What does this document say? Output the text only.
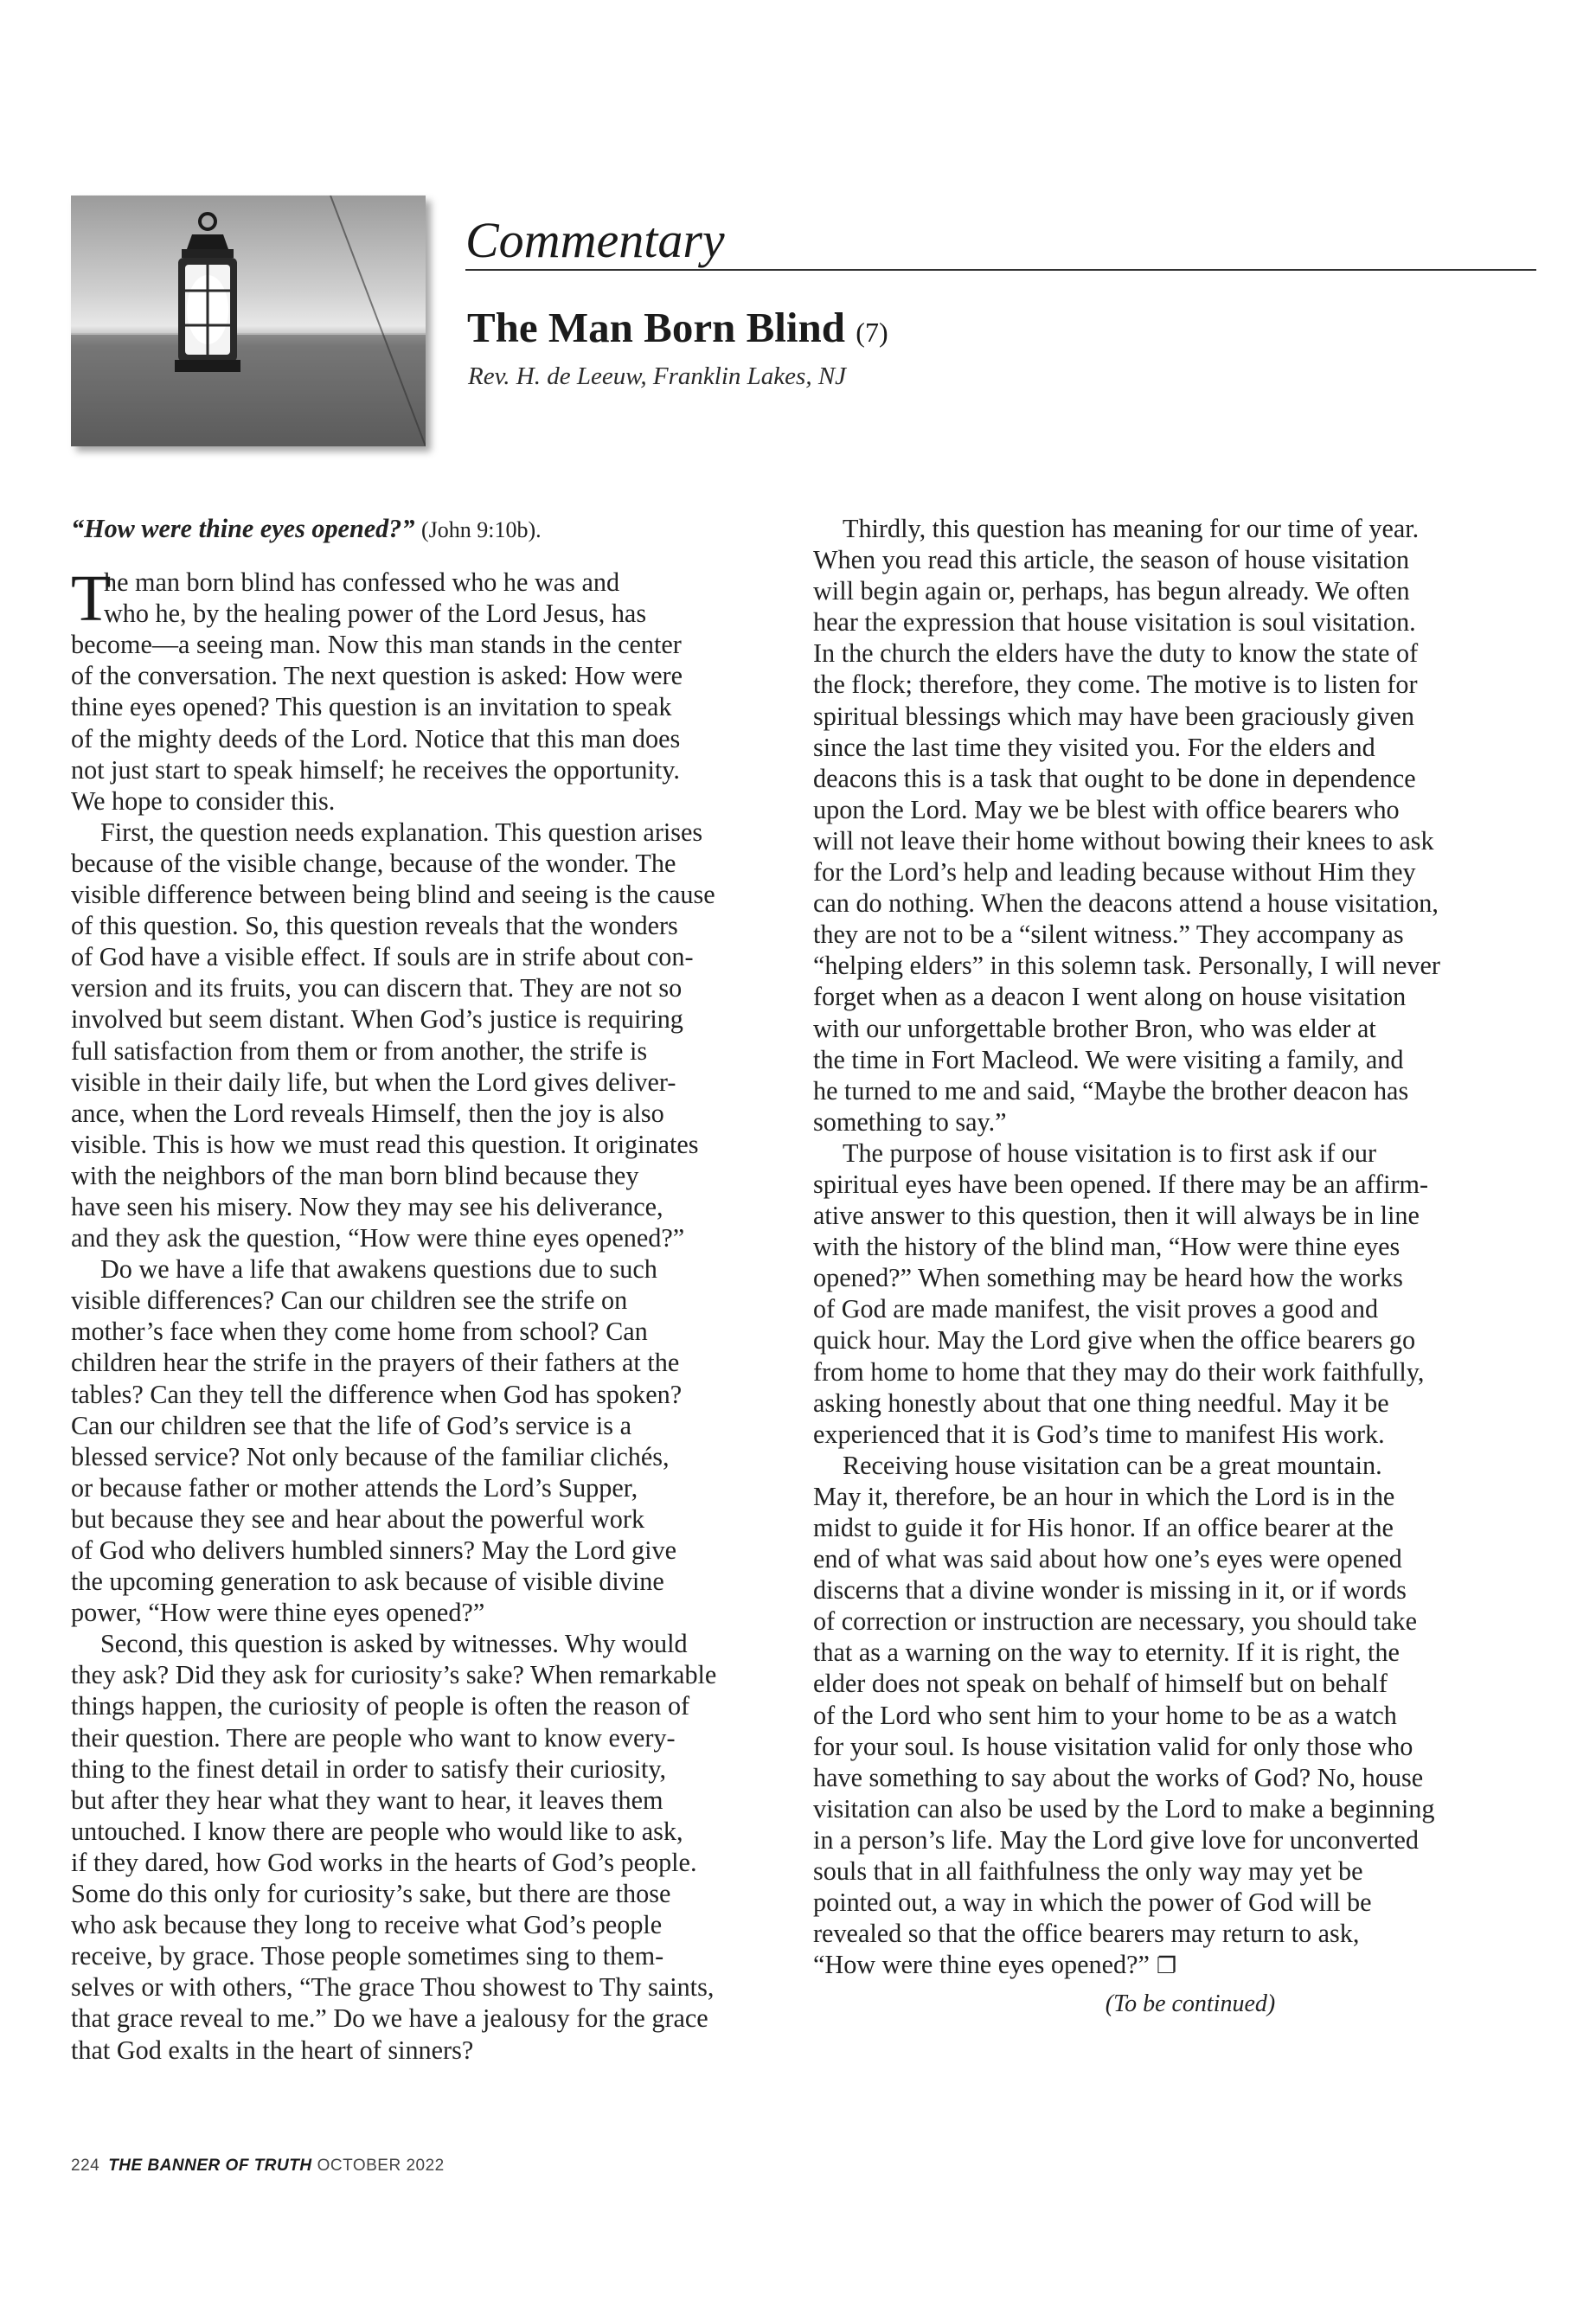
Commentary
The Man Born Blind (7)
Rev. H. de Leeuw, Franklin Lakes, NJ
“How were thine eyes opened?” (John 9:10b).

T
he man born blind has confessed who he was and
who he, by the healing power of the Lord Jesus, has
become—a seeing man. Now this man stands in the center
of the conversation. The next question is asked: How were
thine eyes opened? This question is an invitation to speak
of the mighty deeds of the Lord. Notice that this man does
not just start to speak himself; he receives the opportunity.
We hope to consider this.

First, the question needs explanation. This question arises
because of the visible change, because of the wonder. The
visible difference between being blind and seeing is the cause
of this question. So, this question reveals that the wonders
of God have a visible effect. If souls are in strife about con-
version and its fruits, you can discern that. They are not so
involved but seem distant. When God’s justice is requiring
full satisfaction from them or from another, the strife is
visible in their daily life, but when the Lord gives deliver-
ance, when the Lord reveals Himself, then the joy is also
visible. This is how we must read this question. It originates
with the neighbors of the man born blind because they
have seen his misery. Now they may see his deliverance,
and they ask the question, “How were thine eyes opened?”

Do we have a life that awakens questions due to such
visible differences? Can our children see the strife on
mother’s face when they come home from school? Can
children hear the strife in the prayers of their fathers at the
tables? Can they tell the difference when God has spoken?
Can our children see that the life of God’s service is a
blessed service? Not only because of the familiar clichés,
or because father or mother attends the Lord’s Supper,
but because they see and hear about the powerful work
of God who delivers humbled sinners? May the Lord give
the upcoming generation to ask because of visible divine
power, “How were thine eyes opened?”

Second, this question is asked by witnesses. Why would
they ask? Did they ask for curiosity’s sake? When remarkable
things happen, the curiosity of people is often the reason of
their question. There are people who want to know every-
thing to the finest detail in order to satisfy their curiosity,
but after they hear what they want to hear, it leaves them
untouched. I know there are people who would like to ask,
if they dared, how God works in the hearts of God’s people.
Some do this only for curiosity’s sake, but there are those
who ask because they long to receive what God’s people
receive, by grace. Those people sometimes sing to them-
selves or with others, “The grace Thou showest to Thy saints,
that grace reveal to me.” Do we have a jealousy for the grace
that God exalts in the heart of sinners?

Thirdly, this question has meaning for our time of year.
When you read this article, the season of house visitation
will begin again or, perhaps, has begun already. We often
hear the expression that house visitation is soul visitation.
In the church the elders have the duty to know the state of
the flock; therefore, they come. The motive is to listen for
spiritual blessings which may have been graciously given
since the last time they visited you. For the elders and
deacons this is a task that ought to be done in dependence
upon the Lord. May we be blest with office bearers who
will not leave their home without bowing their knees to ask
for the Lord’s help and leading because without Him they
can do nothing. When the deacons attend a house visitation,
they are not to be a “silent witness.” They accompany as
“helping elders” in this solemn task. Personally, I will never
forget when as a deacon I went along on house visitation
with our unforgettable brother Bron, who was elder at
the time in Fort Macleod. We were visiting a family, and
he turned to me and said, “Maybe the brother deacon has
something to say.”

The purpose of house visitation is to first ask if our
spiritual eyes have been opened. If there may be an affirm-
ative answer to this question, then it will always be in line
with the history of the blind man, “How were thine eyes
opened?” When something may be heard how the works
of God are made manifest, the visit proves a good and
quick hour. May the Lord give when the office bearers go
from home to home that they may do their work faithfully,
asking honestly about that one thing needful. May it be
experienced that it is God’s time to manifest His work.

Receiving house visitation can be a great mountain.
May it, therefore, be an hour in which the Lord is in the
midst to guide it for His honor. If an office bearer at the
end of what was said about how one’s eyes were opened
discerns that a divine wonder is missing in it, or if words
of correction or instruction are necessary, you should take
that as a warning on the way to eternity. If it is right, the
elder does not speak on behalf of himself but on behalf
of the Lord who sent him to your home to be as a watch
for your soul. Is house visitation valid for only those who
have something to say about the works of God? No, house
visitation can also be used by the Lord to make a beginning
in a person’s life. May the Lord give love for unconverted
souls that in all faithfulness the only way may yet be
pointed out, a way in which the power of God will be
revealed so that the office bearers may return to ask,
“How were thine eyes opened?” ❐

(To be continued)
224 THE BANNER OF TRUTH OCTOBER 2022
